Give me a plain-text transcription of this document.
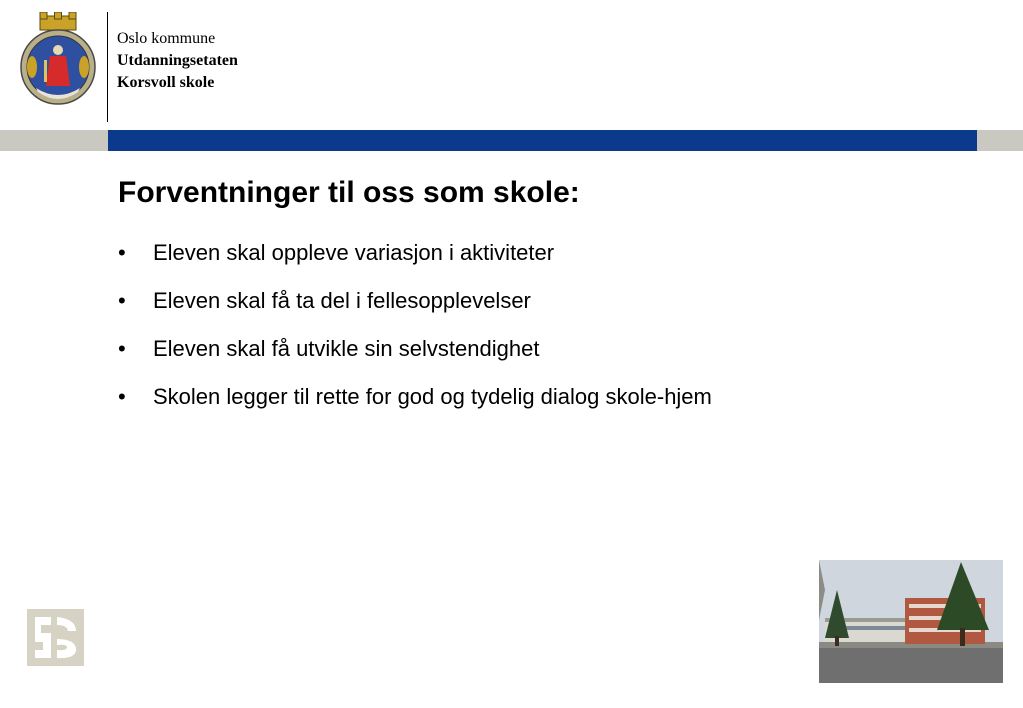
Oslo kommune
Utdanningsetaten
Korsvoll skole
Forventninger til oss som skole:
• Eleven skal oppleve variasjon i aktiviteter
• Eleven skal få ta del i fellesopplevelser
• Eleven skal få utvikle sin selvstendighet
• Skolen legger til rette for god og tydelig dialog skole-hjem
